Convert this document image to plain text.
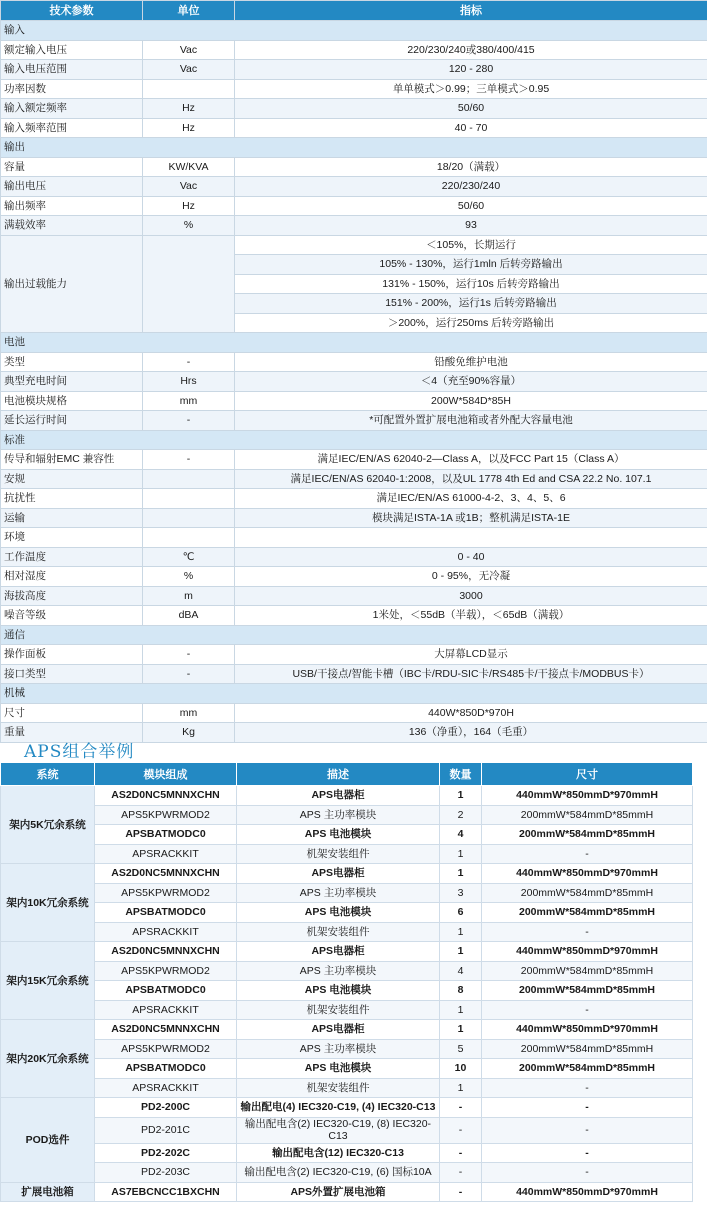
技术参数	单位	指标
输入		
额定输入电压	Vac	220/230/240或380/400/415
输入电压范围	Vac	120 - 280
功率因数		单单模式＞0.99；三单模式＞0.95
输入额定频率	Hz	50/60
输入频率范围	Hz	40 - 70
输出		
容量	KW/KVA	18/20（满载）
输出电压	Vac	220/230/240
输出频率	Hz	50/60
满载效率	%	93
输出过载能力		＜105%，长期运行
		105% - 130%，运行1mln 后转旁路输出
		131% - 150%，运行10s 后转旁路输出
		151% - 200%，运行1s 后转旁路输出
		＞200%，运行250ms 后转旁路输出
电池		
类型	-	铅酸免维护电池
典型充电时间	Hrs	＜4（充至90%容量）
电池模块规格	mm	200W*584D*85H
延长运行时间	-	*可配置外置扩展电池箱或者外配大容量电池
标准		
传导和辐射EMC 兼容性	-	满足IEC/EN/AS 62040-2—Class A，以及FCC Part 15（Class A）
安规		满足IEC/EN/AS 62040-1:2008，以及UL 1778 4th Ed and CSA 22.2 No. 107.1
抗扰性		满足IEC/EN/AS 61000-4-2、3、4、5、6
运输		模块满足ISTA-1A 或1B；整机满足ISTA-1E
环境		
工作温度	℃	0 - 40
相对湿度	%	0 - 95%，无冷凝
海拔高度	m	3000
噪音等级	dBA	1米处，＜55dB（半载），＜65dB（满载）
通信		
操作面板	-	大屏幕LCD显示
接口类型	-	USB/干接点/智能卡槽（IBC卡/RDU-SIC卡/RS485卡/干接点卡/MODBUS卡）
机械		
尺寸	mm	440W*850D*970H
重量	Kg	136（净重），164（毛重）
APS组合举例
系统	模块组成	描述	数量	尺寸
架内5K冗余系统	AS2D0NC5MNNXCHN	APS电器柜	1	440mmW*850mmD*970mmH
	APS5KPWRMOD2	APS 主功率模块	2	200mmW*584mmD*85mmH
	APSBATMODC0	APS 电池模块	4	200mmW*584mmD*85mmH
	APSRACKKIT	机架安装组件	1	-
架内10K冗余系统	AS2D0NC5MNNXCHN	APS电器柜	1	440mmW*850mmD*970mmH
	APS5KPWRMOD2	APS 主功率模块	3	200mmW*584mmD*85mmH
	APSBATMODC0	APS 电池模块	6	200mmW*584mmD*85mmH
	APSRACKKIT	机架安装组件	1	-
架内15K冗余系统	AS2D0NC5MNNXCHN	APS电器柜	1	440mmW*850mmD*970mmH
	APS5KPWRMOD2	APS 主功率模块	4	200mmW*584mmD*85mmH
	APSBATMODC0	APS 电池模块	8	200mmW*584mmD*85mmH
	APSRACKKIT	机架安装组件	1	-
架内20K冗余系统	AS2D0NC5MNNXCHN	APS电器柜	1	440mmW*850mmD*970mmH
	APS5KPWRMOD2	APS 主功率模块	5	200mmW*584mmD*85mmH
	APSBATMODC0	APS 电池模块	10	200mmW*584mmD*85mmH
	APSRACKKIT	机架安装组件	1	-
POD选件	PD2-200C	输出配电(4) IEC320-C19, (4) IEC320-C13	-	-
	PD2-201C	输出配电含(2) IEC320-C19, (8) IEC320-C13	-	-
	PD2-202C	输出配电含(12) IEC320-C13	-	-
	PD2-203C	输出配电含(2) IEC320-C19, (6) 国标10A	-	-
扩展电池箱	AS7EBCNCC1BXCHN	APS外置扩展电池箱	-	440mmW*850mmD*970mmH
